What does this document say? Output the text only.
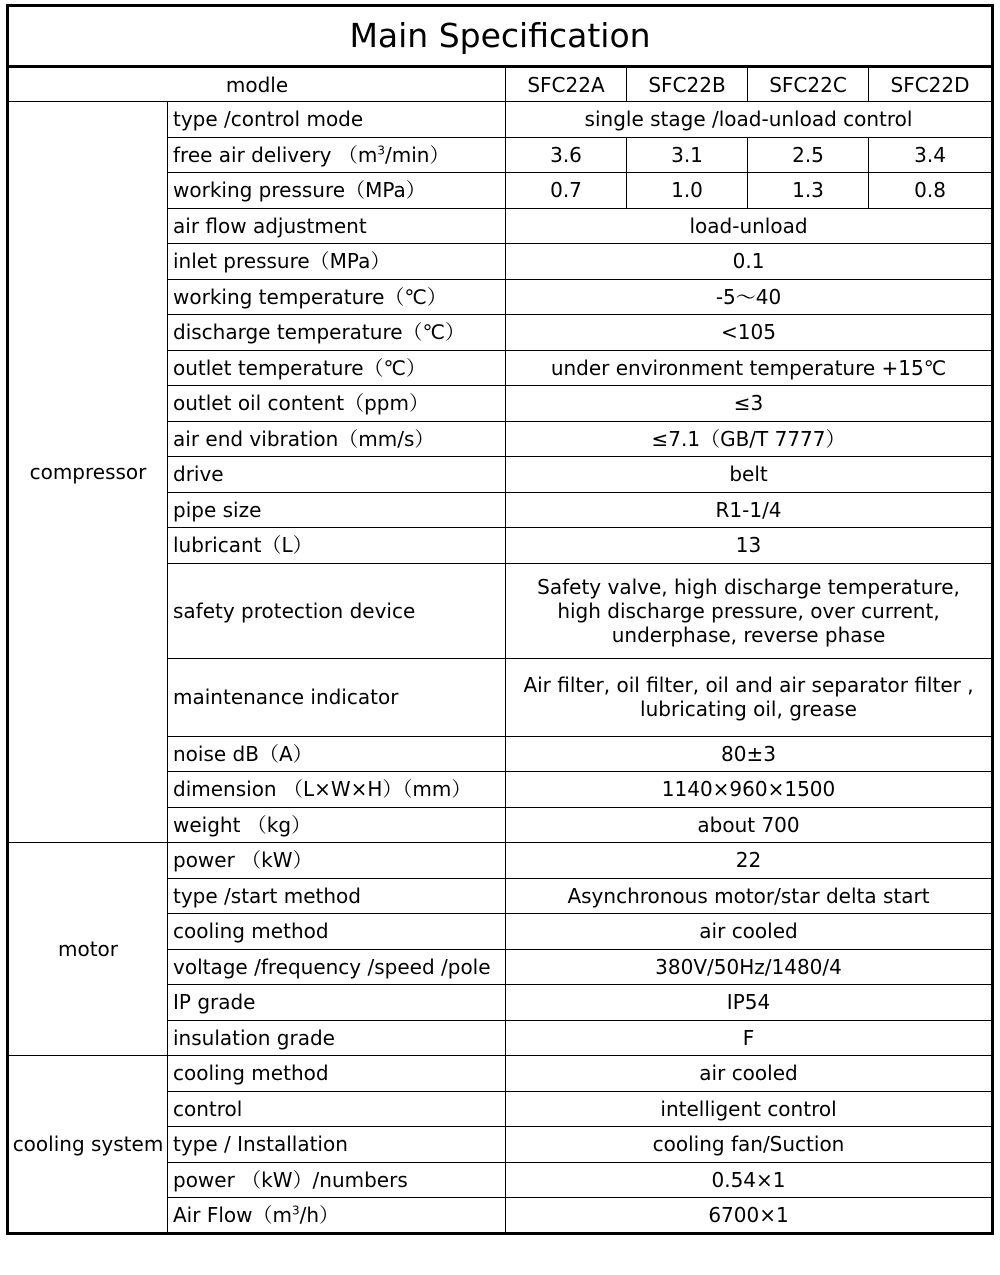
Main Specification					
modle		SFC22A	SFC22B	SFC22C	SFC22D
compressor	type /control mode	single stage /load-unload control			
	free air delivery $(m^3/\min)$	3.6	3.1	2.5	3.4
	working pressure（MPa）	0.7	1.0	1.3	0.8
	air flow adjustment	load-unload			
	inlet pressure（MPa）	0.1			
	working temperature（℃）	-5～40			
	discharge temperature（℃）	<105			
	outlet temperature（℃）	under environment temperature +15℃			
	outlet oil content（ppm）	≤3			
	air end vibration（mm/s）	≤7.1（GB/T 7777）			
	drive	belt			
	pipe size	R1-1/4			
	lubricant（L）	13			
	safety protection device	Safety valve, high discharge temperature, high discharge pressure, over current, underphase, reverse phase			
	maintenance indicator	Air filter, oil filter, oil and air separator filter , lubricating oil, grease			
	noise dB（A）	80±3			
	dimension （L×W×H）（mm）	1140×960×1500			
	weight （kg）	about 700			
motor	power （kW）	22			
	type /start method	Asynchronous motor/star delta start			
	cooling method	air cooled			
	voltage /frequency /speed /pole	380V/50Hz/1480/4			
	IP grade	IP54			
	insulation grade	F			
cooling system	cooling method	air cooled			
	control	intelligent control			
	type / Installation	cooling fan/Suction			
	power （kW）/numbers	0.54×1			
	Air $Flow(m^3/h)$	6700×1			
